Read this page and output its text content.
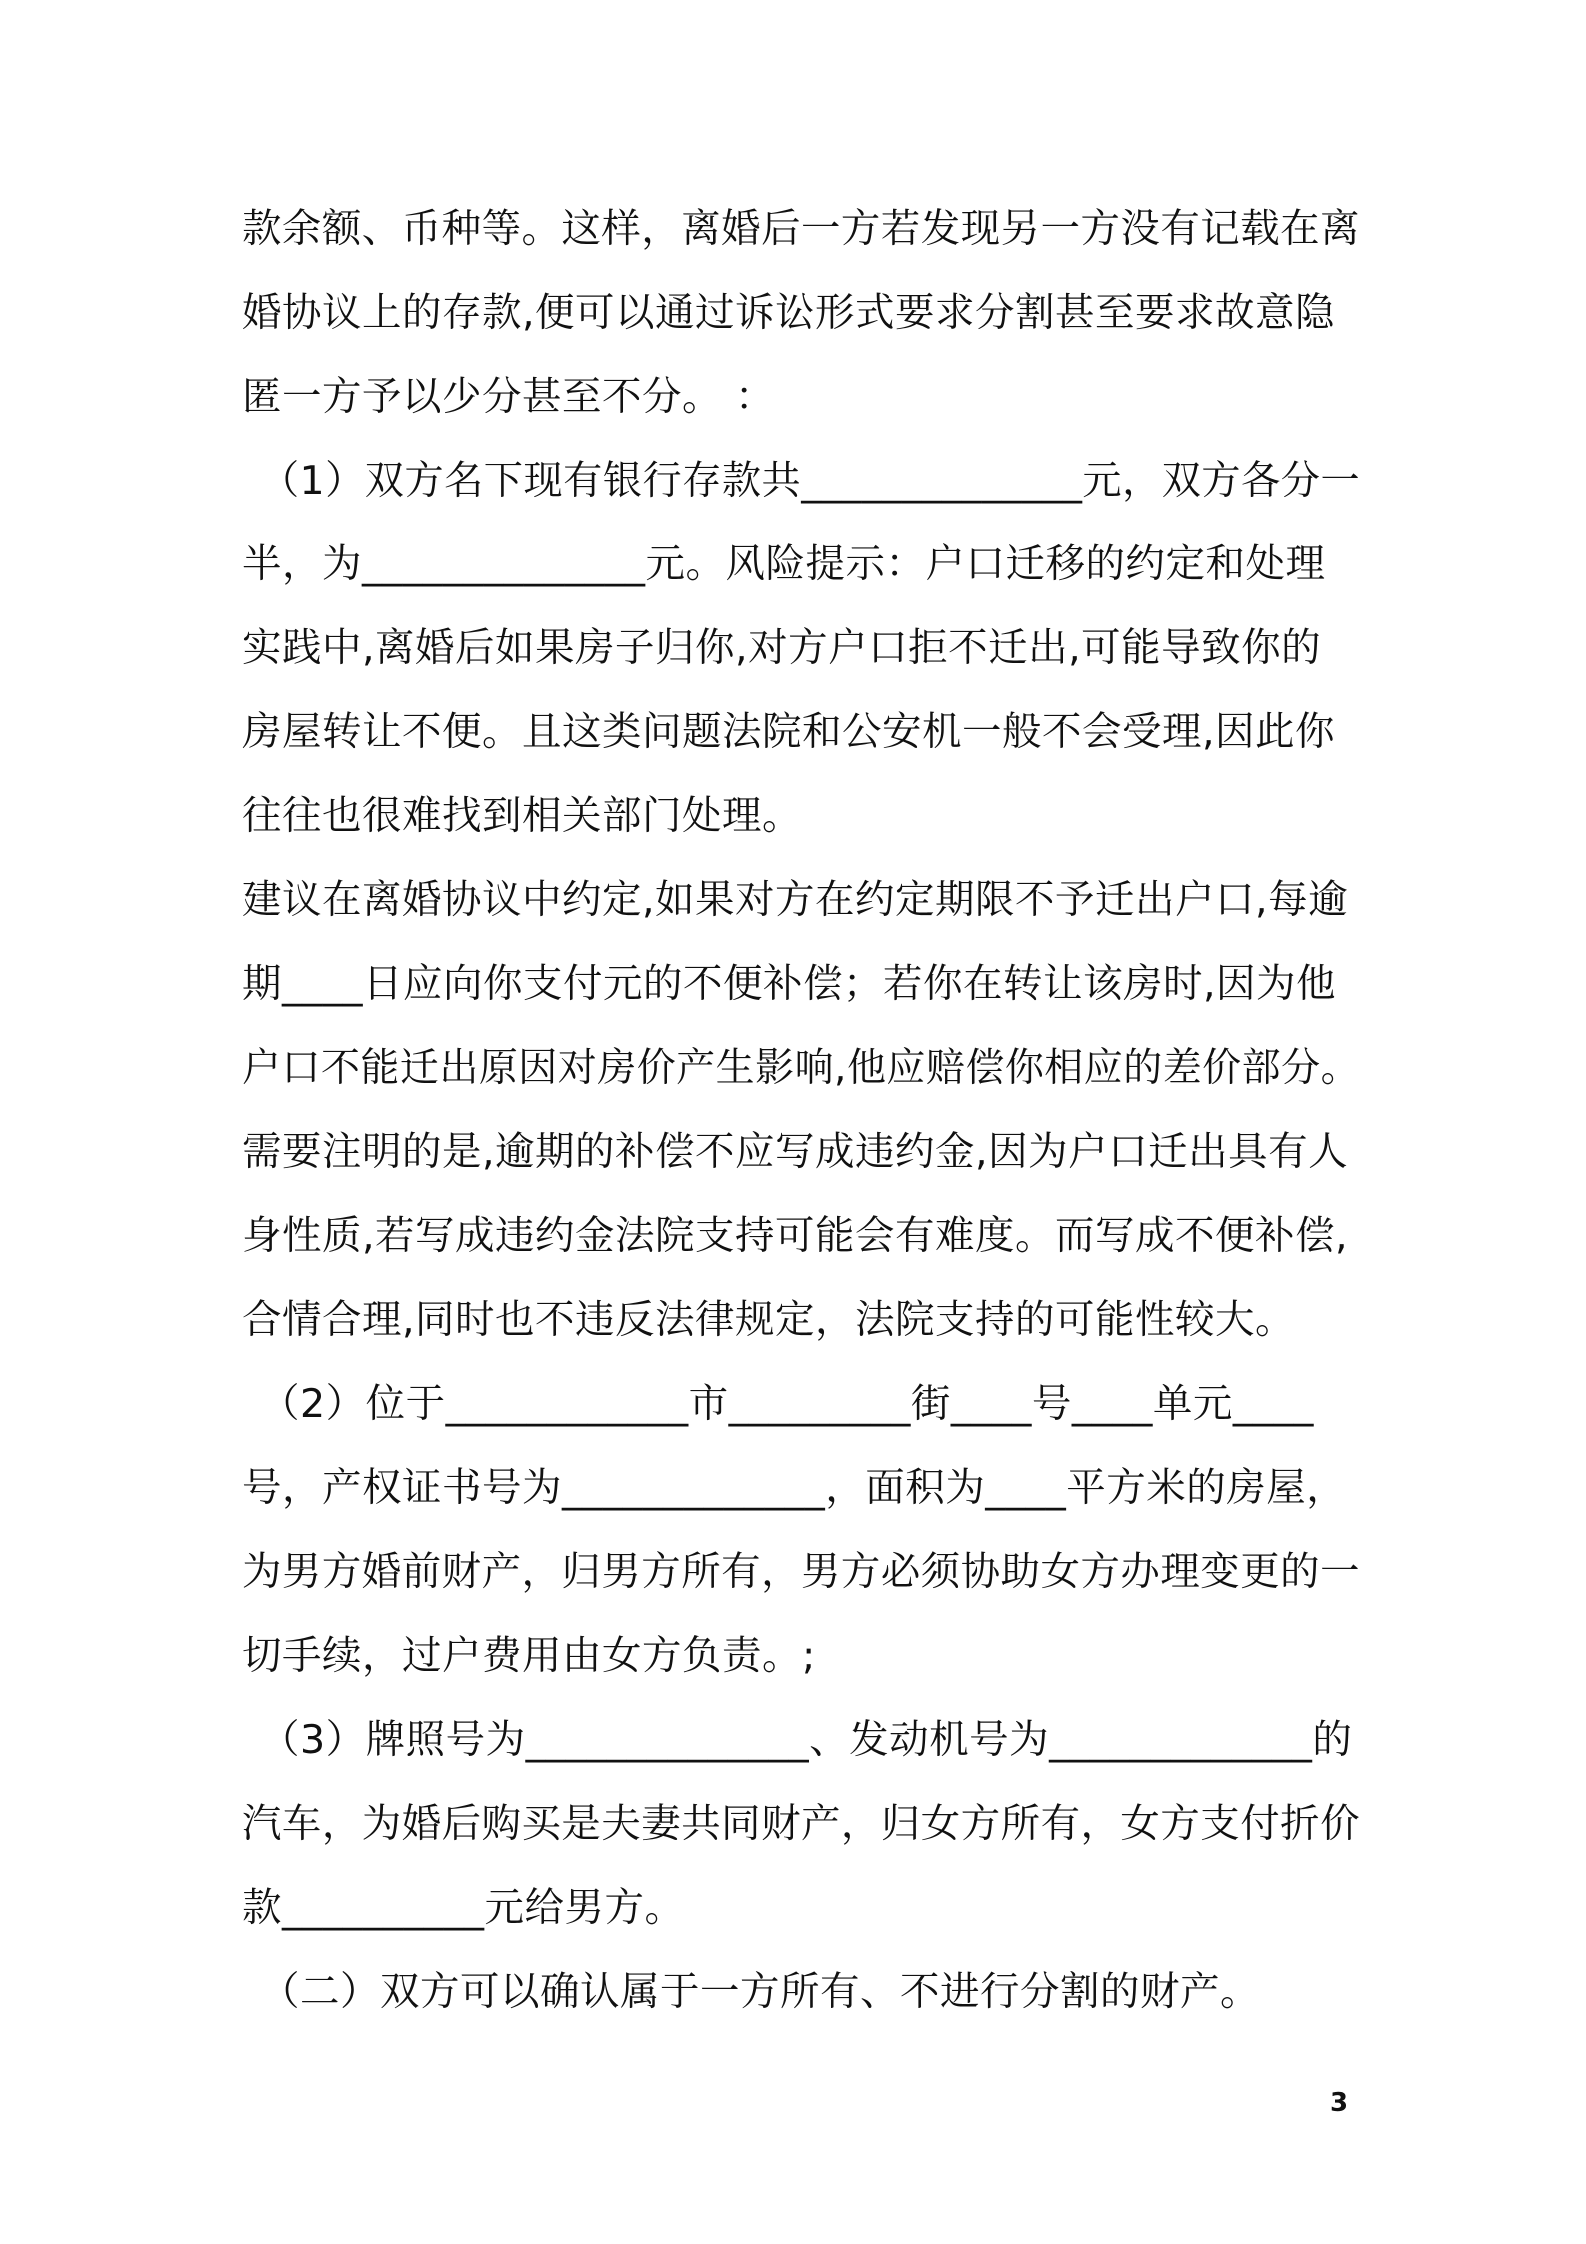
款余额、币种等。这样，离婚后一方若发现另一方没有记载在离
婚协议上的存款,便可以通过诉讼形式要求分割甚至要求故意隐
匿一方予以少分甚至不分。 ：
（1）双方名下现有银行存款共______________元，双方各分一
半，为______________元。风险提示：户口迁移的约定和处理
实践中,离婚后如果房子归你,对方户口拒不迁出,可能导致你的
房屋转让不便。且这类问题法院和公安机一般不会受理,因此你
往往也很难找到相关部门处理。
建议在离婚协议中约定,如果对方在约定期限不予迁出户口,每逾
期____日应向你支付元的不便补偿；若你在转让该房时,因为他
户口不能迁出原因对房价产生影响,他应赔偿你相应的差价部分。
需要注明的是,逾期的补偿不应写成违约金,因为户口迁出具有人
身性质,若写成违约金法院支持可能会有难度。而写成不便补偿,
合情合理,同时也不违反法律规定，法院支持的可能性较大。
（2）位于____________市_________街____号____单元____
号，产权证书号为_____________，面积为____平方米的房屋，
为男方婚前财产，归男方所有，男方必须协助女方办理变更的一
切手续，过户费用由女方负责。;
（3）牌照号为______________、发动机号为_____________的
汽车，为婚后购买是夫妻共同财产，归女方所有，女方支付折价
款__________元给男方。
（二）双方可以确认属于一方所有、不进行分割的财产。
3
